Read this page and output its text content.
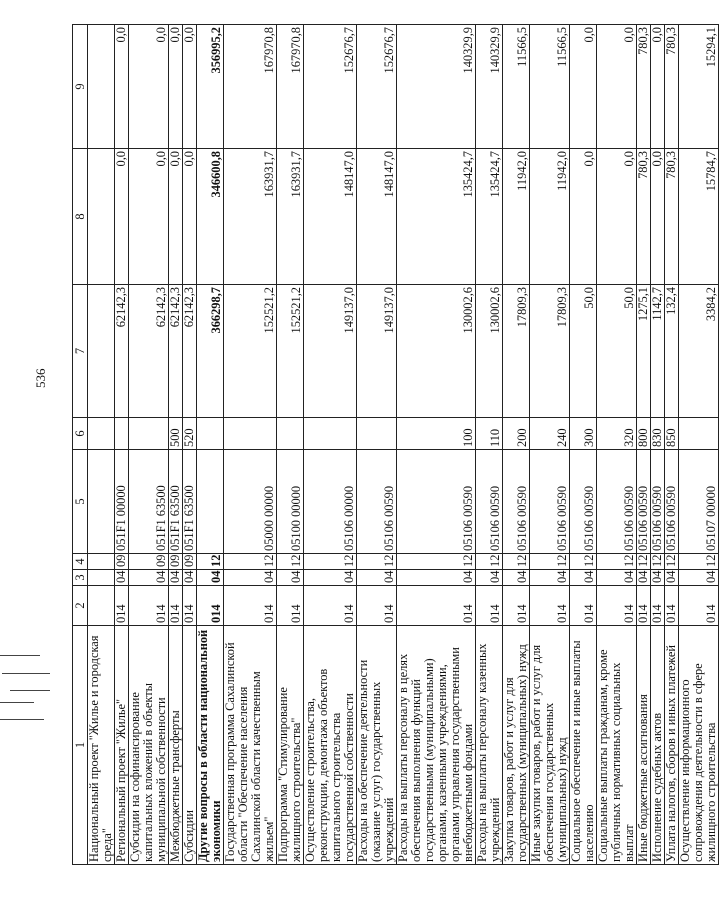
536
1	2	3	4	5	6	7	8	9
Национальный проект "Жилье и городская среда"								
Региональный проект "Жилье"	014	04	09	051F1 00000		62142,3	0,0	0,0
Субсидии на софинансирование капитальных вложений в объекты муниципальной собственности	014	04	09	051F1 63500		62142,3	0,0	0,0
Межбюджетные трансферты	014	04	09	051F1 63500	500	62142,3	0,0	0,0
Субсидии	014	04	09	051F1 63500	520	62142,3	0,0	0,0
Другие вопросы в области национальной экономики	014	04	12			366298,7	346600,8	356995,2
Государственная программа Сахалинской области "Обеспечение населения Сахалинской области качественным жильем"	014	04	12	05000 00000		152521,2	163931,7	167970,8
Подпрограмма "Стимулирование жилищного строительства"	014	04	12	05100 00000		152521,2	163931,7	167970,8
Осуществление строительства, реконструкции, демонтажа объектов капитального строительства государственной собственности	014	04	12	05106 00000		149137,0	148147,0	152676,7
Расходы на обеспечение деятельности (оказание услуг) государственных учреждений	014	04	12	05106 00590		149137,0	148147,0	152676,7
Расходы на выплаты персоналу в целях обеспечения выполнения функций государственными (муниципальными) органами, казенными учреждениями, органами управления государственными внебюджетными фондами	014	04	12	05106 00590	100	130002,6	135424,7	140329,9
Расходы на выплаты персоналу казенных учреждений	014	04	12	05106 00590	110	130002,6	135424,7	140329,9
Закупка товаров, работ и услуг для государственных (муниципальных) нужд	014	04	12	05106 00590	200	17809,3	11942,0	11566,5
Иные закупки товаров, работ и услуг для обеспечения государственных (муниципальных) нужд	014	04	12	05106 00590	240	17809,3	11942,0	11566,5
Социальное обеспечение и иные выплаты населению	014	04	12	05106 00590	300	50,0	0,0	0,0
Социальные выплаты гражданам, кроме публичных нормативных социальных выплат	014	04	12	05106 00590	320	50,0	0,0	0,0
Иные бюджетные ассигнования	014	04	12	05106 00590	800	1275,1	780,3	780,3
Исполнение судебных актов	014	04	12	05106 00590	830	1142,7	0,0	0,0
Уплата налогов, сборов и иных платежей	014	04	12	05106 00590	850	132,4	780,3	780,3
Осуществление информационного сопровождения деятельности в сфере жилищного строительства	014	04	12	05107 00000		3384,2	15784,7	15294,1
